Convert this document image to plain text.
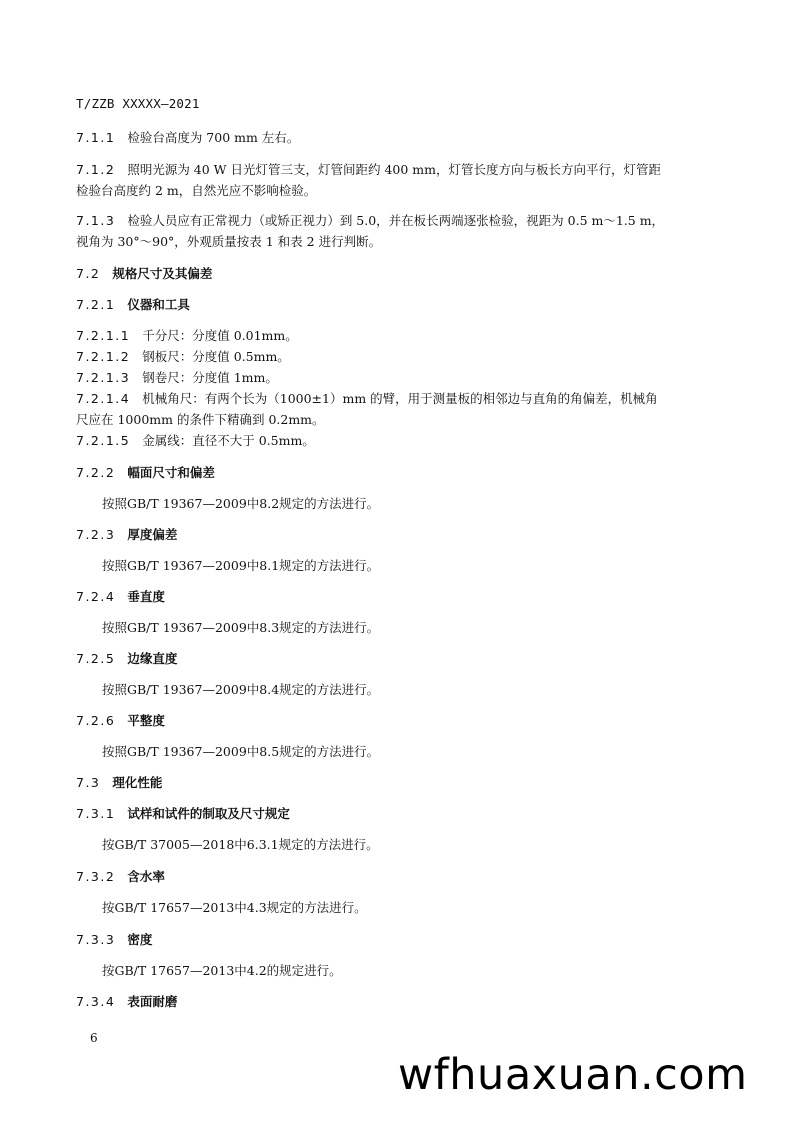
T/ZZB XXXXX—2021
7.1.1 检验台高度为 700 mm 左右。
7.1.2 照明光源为 40 W 日光灯管三支，灯管间距约 400 mm，灯管长度方向与板长方向平行，灯管距
检验台高度约 2 m，自然光应不影响检验。
7.1.3 检验人员应有正常视力（或矫正视力）到 5.0，并在板长两端逐张检验，视距为 0.5 m～1.5 m，
视角为 30°～90°，外观质量按表 1 和表 2 进行判断。
7.2 规格尺寸及其偏差
7.2.1 仪器和工具
7.2.1.1 千分尺：分度值 0.01mm。
7.2.1.2 钢板尺：分度值 0.5mm。
7.2.1.3 钢卷尺：分度值 1mm。
7.2.1.4 机械角尺：有两个长为（1000±1）mm 的臂，用于测量板的相邻边与直角的角偏差，机械角
尺应在 1000mm 的条件下精确到 0.2mm。
7.2.1.5 金属线：直径不大于 0.5mm。
7.2.2 幅面尺寸和偏差
按照GB/T 19367—2009中8.2规定的方法进行。
7.2.3 厚度偏差
按照GB/T 19367—2009中8.1规定的方法进行。
7.2.4 垂直度
按照GB/T 19367—2009中8.3规定的方法进行。
7.2.5 边缘直度
按照GB/T 19367—2009中8.4规定的方法进行。
7.2.6 平整度
按照GB/T 19367—2009中8.5规定的方法进行。
7.3 理化性能
7.3.1 试样和试件的制取及尺寸规定
按GB/T 37005—2018中6.3.1规定的方法进行。
7.3.2 含水率
按GB/T 17657—2013中4.3规定的方法进行。
7.3.3 密度
按GB/T 17657—2013中4.2的规定进行。
7.3.4 表面耐磨
6
wfhuaxuan.com
